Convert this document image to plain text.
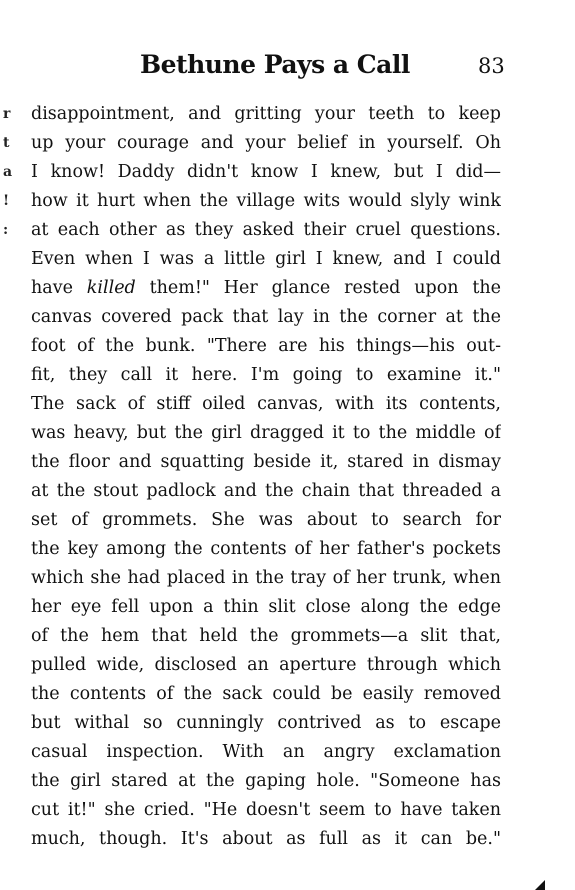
Bethune Pays a Call	83
r
t
a
!
:
disappointment, and gritting your teeth to keep
up your courage and your belief in yourself. Oh
I know! Daddy didn't know I knew, but I did—
how it hurt when the village wits would slyly wink
at each other as they asked their cruel questions.
Even when I was a little girl I knew, and I could
have killed them!" Her glance rested upon the
canvas covered pack that lay in the corner at the
foot of the bunk. "There are his things—his out-
fit, they call it here. I'm going to examine it."
The sack of stiff oiled canvas, with its contents,
was heavy, but the girl dragged it to the middle of
the floor and squatting beside it, stared in dismay
at the stout padlock and the chain that threaded a
set of grommets. She was about to search for
the key among the contents of her father's pockets
which she had placed in the tray of her trunk, when
her eye fell upon a thin slit close along the edge
of the hem that held the grommets—a slit that,
pulled wide, disclosed an aperture through which
the contents of the sack could be easily removed
but withal so cunningly contrived as to escape
casual inspection. With an angry exclamation
the girl stared at the gaping hole. "Someone has
cut it!" she cried. "He doesn't seem to have taken
much, though. It's about as full as it can be."
